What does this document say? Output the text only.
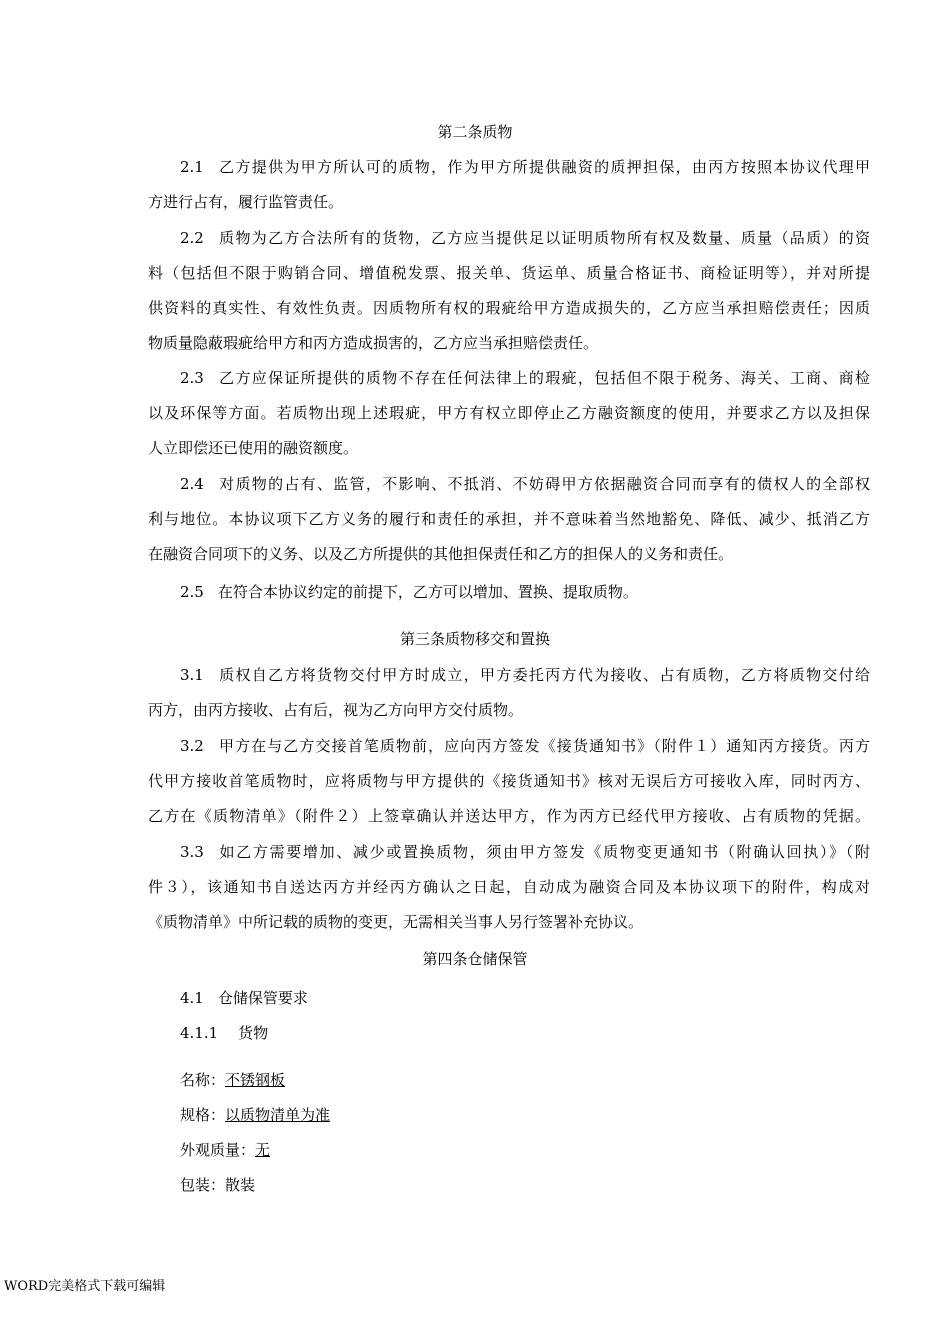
第二条质物
2.1 乙方提供为甲方所认可的质物，作为甲方所提供融资的质押担保，由丙方按照本协议代理甲
方进行占有，履行监管责任。
2.2 质物为乙方合法所有的货物，乙方应当提供足以证明质物所有权及数量、质量（品质）的资
料（包括但不限于购销合同、增值税发票、报关单、货运单、质量合格证书、商检证明等），并对所提
供资料的真实性、有效性负责。因质物所有权的瑕疵给甲方造成损失的，乙方应当承担赔偿责任；因质
物质量隐蔽瑕疵给甲方和丙方造成损害的，乙方应当承担赔偿责任。
2.3 乙方应保证所提供的质物不存在任何法律上的瑕疵，包括但不限于税务、海关、工商、商检
以及环保等方面。若质物出现上述瑕疵，甲方有权立即停止乙方融资额度的使用，并要求乙方以及担保
人立即偿还已使用的融资额度。
2.4 对质物的占有、监管，不影响、不抵消、不妨碍甲方依据融资合同而享有的债权人的全部权
利与地位。本协议项下乙方义务的履行和责任的承担，并不意味着当然地豁免、降低、减少、抵消乙方
在融资合同项下的义务、以及乙方所提供的其他担保责任和乙方的担保人的义务和责任。
2.5 在符合本协议约定的前提下，乙方可以增加、置换、提取质物。
第三条质物移交和置换
3.1 质权自乙方将货物交付甲方时成立，甲方委托丙方代为接收、占有质物，乙方将质物交付给
丙方，由丙方接收、占有后，视为乙方向甲方交付质物。
3.2 甲方在与乙方交接首笔质物前，应向丙方签发《接货通知书》（附件１）通知丙方接货。丙方
代甲方接收首笔质物时，应将质物与甲方提供的《接货通知书》核对无误后方可接收入库，同时丙方、
乙方在《质物清单》（附件２）上签章确认并送达甲方，作为丙方已经代甲方接收、占有质物的凭据。
3.3 如乙方需要增加、减少或置换质物，须由甲方签发《质物变更通知书（附确认回执）》（附
件３），该通知书自送达丙方并经丙方确认之日起，自动成为融资合同及本协议项下的附件，构成对
《质物清单》中所记载的质物的变更，无需相关当事人另行签署补充协议。
第四条仓储保管
4.1 仓储保管要求
4.1.1 货物
名称：不锈钢板
规格：以质物清单为准
外观质量：无
包装：散装
WORD完美格式下载可编辑
